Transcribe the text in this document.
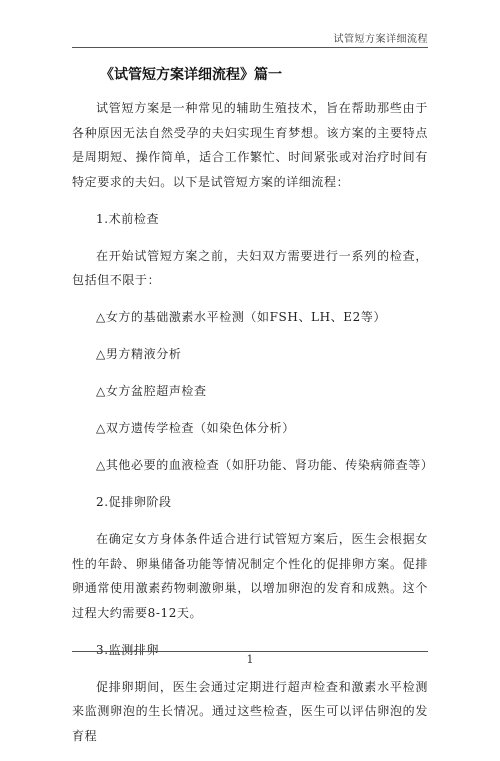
试管短方案详细流程
《试管短方案详细流程》篇一

试管短方案是一种常见的辅助生殖技术，旨在帮助那些由于各种原因无法自然受孕的夫妇实现生育梦想。该方案的主要特点是周期短、操作简单，适合工作繁忙、时间紧张或对治疗时间有特定要求的夫妇。以下是试管短方案的详细流程：

1.术前检查

在开始试管短方案之前，夫妇双方需要进行一系列的检查，包括但不限于：

△女方的基础激素水平检测（如FSH、LH、E2等）

△男方精液分析

△女方盆腔超声检查

△双方遗传学检查（如染色体分析）

△其他必要的血液检查（如肝功能、肾功能、传染病筛查等）

2.促排卵阶段

在确定女方身体条件适合进行试管短方案后，医生会根据女性的年龄、卵巢储备功能等情况制定个性化的促排卵方案。促排卵通常使用激素药物刺激卵巢，以增加卵泡的发育和成熟。这个过程大约需要8-12天。

3.监测排卵

促排卵期间，医生会通过定期进行超声检查和激素水平检测来监测卵泡的生长情况。通过这些检查，医生可以评估卵泡的发育程

1
